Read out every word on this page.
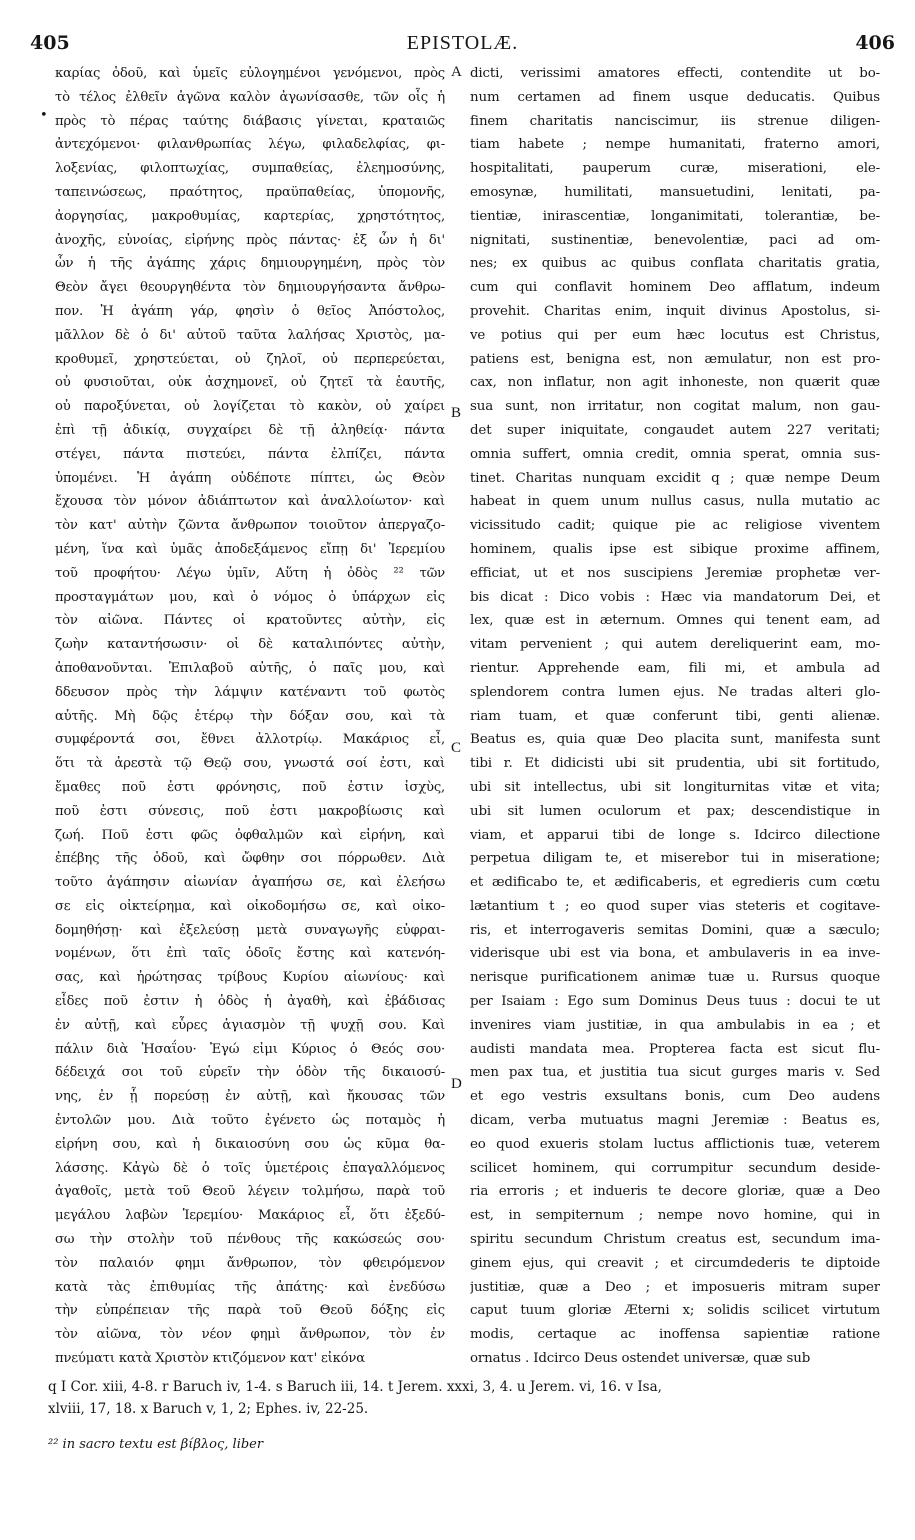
405	EPISTOLÆ.	406
•
καρίας ὁδοῦ, καὶ ὑμεῖς εὐλογημένοι γενόμενοι, πρὸς
τὸ τέλος ἐλθεῖν ἀγῶνα καλὸν ἀγωνίσασθε, τῶν οἷς ἡ
πρὸς τὸ πέρας ταύτης διάβασις γίνεται, κραταιῶς
ἀντεχόμενοι· φιλανθρωπίας λέγω, φιλαδελφίας, φι-
λοξενίας, φιλοπτωχίας, συμπαθείας, ἐλεημοσύνης,
ταπεινώσεως, πραότητος, πραϋπαθείας, ὑπομονῆς,
ἀοργησίας, μακροθυμίας, καρτερίας, χρηστότητος,
ἀνοχῆς, εὐνοίας, εἰρήνης πρὸς πάντας· ἐξ ὧν ἡ δι'
ὧν ἡ τῆς ἀγάπης χάρις δημιουργημένη, πρὸς τὸν
Θεὸν ἄγει θεουργηθέντα τὸν δημιουργήσαντα ἄνθρω-
πον. Ἡ ἀγάπη γάρ, φησὶν ὁ θεῖος Ἀπόστολος,
μᾶλλον δὲ ὁ δι' αὐτοῦ ταῦτα λαλήσας Χριστὸς, μα-
κροθυμεῖ, χρηστεύεται, οὐ ζηλοῖ, οὐ περπερεύεται,
οὐ φυσιοῦται, οὐκ ἀσχημονεῖ, οὐ ζητεῖ τὰ ἑαυτῆς,
οὐ παροξύνεται, οὐ λογίζεται τὸ κακὸν, οὐ χαίρει
ἐπὶ τῇ ἀδικίᾳ, συγχαίρει δὲ τῇ ἀληθείᾳ· πάντα
στέγει, πάντα πιστεύει, πάντα ἐλπίζει, πάντα
ὑπομένει. Ἡ ἀγάπη οὐδέποτε πίπτει, ὡς Θεὸν
ἔχουσα τὸν μόνον ἀδιάπτωτον καὶ ἀναλλοίωτον· καὶ
τὸν κατ' αὐτὴν ζῶντα ἄνθρωπον τοιοῦτον ἀπεργαζο-
μένη, ἵνα καὶ ὑμᾶς ἀποδεξάμενος εἴπῃ δι' Ἱερεμίου
τοῦ προφήτου· Λέγω ὑμῖν, Αὕτη ἡ ὁδὸς ²² τῶν
προσταγμάτων μου, καὶ ὁ νόμος ὁ ὑπάρχων εἰς
τὸν αἰῶνα. Πάντες οἱ κρατοῦντες αὐτὴν, εἰς
ζωὴν καταντήσωσιν· οἱ δὲ καταλιπόντες αὐτὴν,
ἀποθανοῦνται. Ἐπιλαβοῦ αὐτῆς, ὁ παῖς μου, καὶ
δδευσον πρὸς τὴν λάμψιν κατέναντι τοῦ φωτὸς
αὐτῆς. Μὴ δῷς ἑτέρῳ τὴν δόξαν σου, καὶ τὰ
συμφέροντά σοι, ἔθνει ἀλλοτρίῳ. Μακάριος εἶ,
ὅτι τὰ ἀρεστὰ τῷ Θεῷ σου, γνωστά σοί ἐστι, καὶ
ἔμαθες ποῦ ἐστι φρόνησις, ποῦ ἐστιν ἰσχὺς,
ποῦ ἐστι σύνεσις, ποῦ ἐστι μακροβίωσις καὶ
ζωή. Ποῦ ἐστι φῶς ὀφθαλμῶν καὶ εἰρήνη, καὶ
ἐπέβης τῆς ὁδοῦ, καὶ ὤφθην σοι πόρρωθεν. Διὰ
τοῦτο ἀγάπησιν αἰωνίαν ἀγαπήσω σε, καὶ ἐλεήσω
σε εἰς οἰκτείρημα, καὶ οἰκοδομήσω σε, καὶ οἰκο-
δομηθήσῃ· καὶ ἐξελεύσῃ μετὰ συναγωγῆς εὐφραι-
νομένων, ὅτι ἐπὶ ταῖς ὁδοῖς ἔστης καὶ κατενόη-
σας, καὶ ἠρώτησας τρίβους Κυρίου αἰωνίους· καὶ
εἶδες ποῦ ἐστιν ἡ ὁδὸς ἡ ἀγαθὴ, καὶ ἐβάδισας
ἐν αὐτῇ, καὶ εὗρες ἁγιασμὸν τῇ ψυχῇ σου. Καὶ
πάλιν διὰ Ἡσαΐου· Ἐγώ εἰμι Κύριος ὁ Θεός σου·
δέδειχά σοι τοῦ εὑρεῖν τὴν ὁδὸν τῆς δικαιοσύ-
νης, ἐν ᾗ πορεύσῃ ἐν αὐτῇ, καὶ ἤκουσας τῶν
ἐντολῶν μου. Διὰ τοῦτο ἐγένετο ὡς ποταμὸς ἡ
εἰρήνη σου, καὶ ἡ δικαιοσύνη σου ὡς κῦμα θα-
λάσσης. Κἀγὼ δὲ ὁ τοῖς ὑμετέροις ἐπαγαλλόμενος
ἀγαθοῖς, μετὰ τοῦ Θεοῦ λέγειν τολμήσω, παρὰ τοῦ
μεγάλου λαβὼν Ἱερεμίου· Μακάριος εἶ, ὅτι ἐξεδύ-
σω τὴν στολὴν τοῦ πένθους τῆς κακώσεώς σου·
τὸν παλαιόν φημι ἄνθρωπον, τὸν φθειρόμενον
κατὰ τὰς ἐπιθυμίας τῆς ἀπάτης· καὶ ἐνεδύσω
τὴν εὐπρέπειαν τῆς παρὰ τοῦ Θεοῦ δόξης εἰς
τὸν αἰῶνα, τὸν νέον φημὶ ἄνθρωπον, τὸν ἐν
πνεύματι κατὰ Χριστὸν κτιζόμενον κατ' εἰκόνα
A
B
C
D
dicti, verissimi amatores effecti, contendite ut bo-
num certamen ad finem usque deducatis. Quibus
finem charitatis nanciscimur, iis strenue diligen-
tiam habete ; nempe humanitati, fraterno amori,
hospitalitati, pauperum curæ, miserationi, ele-
emosynæ, humilitati, mansuetudini, lenitati, pa-
tientiæ, inirascentiæ, longanimitati, tolerantiæ, be-
nignitati, sustinentiæ, benevolentiæ, paci ad om-
nes; ex quibus ac quibus conflata charitatis gratia,
cum qui conflavit hominem Deo afflatum, indeum
provehit. Charitas enim, inquit divinus Apostolus, si-
ve potius qui per eum hæc locutus est Christus,
patiens est, benigna est, non æmulatur, non est pro-
cax, non inflatur, non agit inhoneste, non quærit quæ
sua sunt, non irritatur, non cogitat malum, non gau-
det super iniquitate, congaudet autem 227 veritati;
omnia suffert, omnia credit, omnia sperat, omnia sus-
tinet. Charitas nunquam excidit q ; quæ nempe Deum
habeat in quem unum nullus casus, nulla mutatio ac
vicissitudo cadit; quique pie ac religiose viventem
hominem, qualis ipse est sibique proxime affinem,
efficiat, ut et nos suscipiens Jeremiæ prophetæ ver-
bis dicat : Dico vobis : Hæc via mandatorum Dei, et
lex, quæ est in æternum. Omnes qui tenent eam, ad
vitam pervenient ; qui autem dereliquerint eam, mo-
rientur. Apprehende eam, fili mi, et ambula ad
splendorem contra lumen ejus. Ne tradas alteri glo-
riam tuam, et quæ conferunt tibi, genti alienæ.
Beatus es, quia quæ Deo placita sunt, manifesta sunt
tibi r. Et didicisti ubi sit prudentia, ubi sit fortitudo,
ubi sit intellectus, ubi sit longiturnitas vitæ et vita;
ubi sit lumen oculorum et pax; descendistique in
viam, et apparui tibi de longe s. Idcirco dilectione
perpetua diligam te, et miserebor tui in miseratione;
et ædificabo te, et ædificaberis, et egredieris cum cœtu
lætantium t ; eo quod super vias steteris et cogitave-
ris, et interrogaveris semitas Domini, quæ a sæculo;
viderisque ubi est via bona, et ambulaveris in ea inve-
nerisque purificationem animæ tuæ u. Rursus quoque
per Isaiam : Ego sum Dominus Deus tuus : docui te ut
invenires viam justitiæ, in qua ambulabis in ea ; et
audisti mandata mea. Propterea facta est sicut flu-
men pax tua, et justitia tua sicut gurges maris v. Sed
et ego vestris exsultans bonis, cum Deo audens
dicam, verba mutuatus magni Jeremiæ : Beatus es,
eo quod exueris stolam luctus afflictionis tuæ, veterem
scilicet hominem, qui corrumpitur secundum deside-
ria erroris ; et indueris te decore gloriæ, quæ a Deo
est, in sempiternum ; nempe novo homine, qui in
spiritu secundum Christum creatus est, secundum ima-
ginem ejus, qui creavit ; et circumdederis te diptoide
justitiæ, quæ a Deo ; et imposueris mitram super
caput tuum gloriæ Æterni x; solidis scilicet virtutum
modis, certaque ac inoffensa sapientiæ ratione
ornatus . Idcirco Deus ostendet universæ, quæ sub
q I Cor. xiii, 4-8. r Baruch iv, 1-4. s Baruch iii, 14. t Jerem. xxxi, 3, 4. u Jerem. vi, 16. v Isa,
xlviii, 17, 18. x Baruch v, 1, 2; Ephes. iv, 22-25.
²² in sacro textu est βίβλος, liber
